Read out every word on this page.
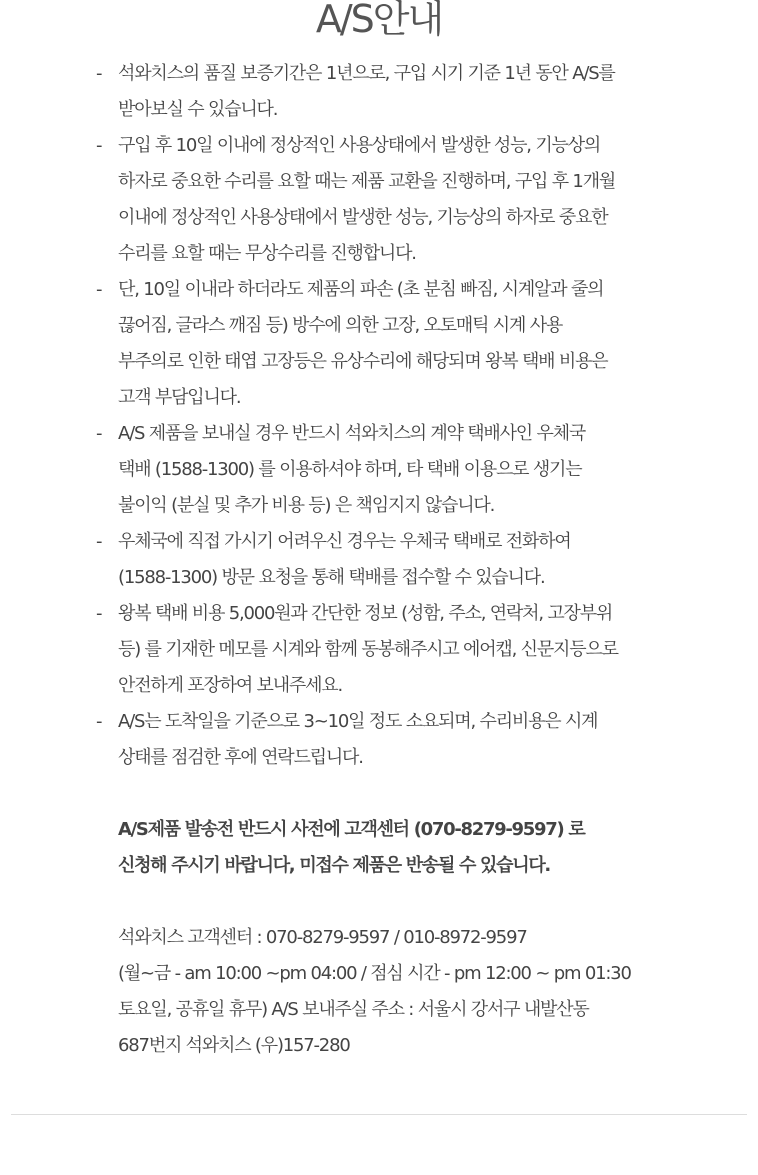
A/S안내
- 석와치스의 품질 보증기간은 1년으로, 구입 시기 기준 1년 동안 A/S를
받아보실 수 있습니다.
- 구입 후 10일 이내에 정상적인 사용상태에서 발생한 성능, 기능상의
하자로 중요한 수리를 요할 때는 제품 교환을 진행하며, 구입 후 1개월
이내에 정상적인 사용상태에서 발생한 성능, 기능상의 하자로 중요한
수리를 요할 때는 무상수리를 진행합니다.
- 단, 10일 이내라 하더라도 제품의 파손 (초 분침 빠짐, 시계알과 줄의
끊어짐, 글라스 깨짐 등) 방수에 의한 고장, 오토매틱 시계 사용
부주의로 인한 태엽 고장등은 유상수리에 해당되며 왕복 택배 비용은
고객 부담입니다.
- A/S 제품을 보내실 경우 반드시 석와치스의 계약 택배사인 우체국
택배 (1588-1300) 를 이용하셔야 하며, 타 택배 이용으로 생기는
불이익 (분실 및 추가 비용 등) 은 책임지지 않습니다.
- 우체국에 직접 가시기 어려우신 경우는 우체국 택배로 전화하여
(1588-1300) 방문 요청을 통해 택배를 접수할 수 있습니다.
- 왕복 택배 비용 5,000원과 간단한 정보 (성함, 주소, 연락처, 고장부위
등) 를 기재한 메모를 시계와 함께 동봉해주시고 에어캡, 신문지등으로
안전하게 포장하여 보내주세요.
- A/S는 도착일을 기준으로 3~10일 정도 소요되며, 수리비용은 시계
상태를 점검한 후에 연락드립니다.
A/S제품 발송전 반드시 사전에 고객센터 (070-8279-9597) 로
신청해 주시기 바랍니다, 미접수 제품은 반송될 수 있습니다.
석와치스 고객센터 : 070-8279-9597 / 010-8972-9597
(월~금 - am 10:00 ~pm 04:00 / 점심 시간 - pm 12:00 ~ pm 01:30
토요일, 공휴일 휴무) A/S 보내주실 주소 : 서울시 강서구 내발산동
687번지 석와치스 (우)157-280
